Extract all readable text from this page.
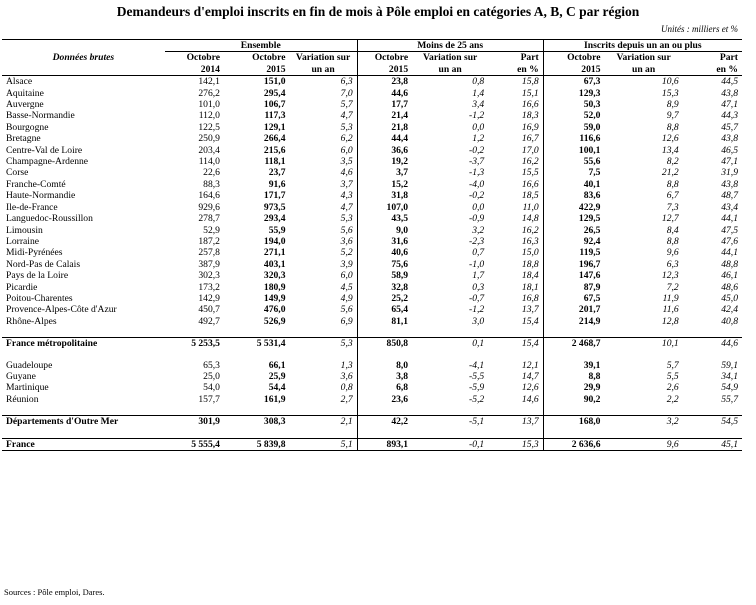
Demandeurs d'emploi inscrits en fin de mois à Pôle emploi en catégories A, B, C par région
Unités : milliers et %
	Ensemble			Moins de 25 ans			Inscrits depuis un an ou plus		
Données brutes	Octobre	Octobre	Variation sur	Octobre	Variation sur	Part	Octobre	Variation sur	Part
	2014	2015	un an	2015	un an	en %	2015	un an	en %
Alsace	142,1	151,0	6,3	23,8	0,8	15,8	67,3	10,6	44,5
Aquitaine	276,2	295,4	7,0	44,6	1,4	15,1	129,3	15,3	43,8
Auvergne	101,0	106,7	5,7	17,7	3,4	16,6	50,3	8,9	47,1
Basse-Normandie	112,0	117,3	4,7	21,4	-1,2	18,3	52,0	9,7	44,3
Bourgogne	122,5	129,1	5,3	21,8	0,0	16,9	59,0	8,8	45,7
Bretagne	250,9	266,4	6,2	44,4	1,2	16,7	116,6	12,6	43,8
Centre-Val de Loire	203,4	215,6	6,0	36,6	-0,2	17,0	100,1	13,4	46,5
Champagne-Ardenne	114,0	118,1	3,5	19,2	-3,7	16,2	55,6	8,2	47,1
Corse	22,6	23,7	4,6	3,7	-1,3	15,5	7,5	21,2	31,9
Franche-Comté	88,3	91,6	3,7	15,2	-4,0	16,6	40,1	8,8	43,8
Haute-Normandie	164,6	171,7	4,3	31,8	-0,2	18,5	83,6	6,7	48,7
Ile-de-France	929,6	973,5	4,7	107,0	0,0	11,0	422,9	7,3	43,4
Languedoc-Roussillon	278,7	293,4	5,3	43,5	-0,9	14,8	129,5	12,7	44,1
Limousin	52,9	55,9	5,6	9,0	3,2	16,2	26,5	8,4	47,5
Lorraine	187,2	194,0	3,6	31,6	-2,3	16,3	92,4	8,8	47,6
Midi-Pyrénées	257,8	271,1	5,2	40,6	0,7	15,0	119,5	9,6	44,1
Nord-Pas de Calais	387,9	403,1	3,9	75,6	-1,0	18,8	196,7	6,3	48,8
Pays de la Loire	302,3	320,3	6,0	58,9	1,7	18,4	147,6	12,3	46,1
Picardie	173,2	180,9	4,5	32,8	0,3	18,1	87,9	7,2	48,6
Poitou-Charentes	142,9	149,9	4,9	25,2	-0,7	16,8	67,5	11,9	45,0
Provence-Alpes-Côte d'Azur	450,7	476,0	5,6	65,4	-1,2	13,7	201,7	11,6	42,4
Rhône-Alpes	492,7	526,9	6,9	81,1	3,0	15,4	214,9	12,8	40,8

France métropolitaine	5 253,5	5 531,4	5,3	850,8	0,1	15,4	2 468,7	10,1	44,6

Guadeloupe	65,3	66,1	1,3	8,0	-4,1	12,1	39,1	5,7	59,1
Guyane	25,0	25,9	3,6	3,8	-5,5	14,7	8,8	5,5	34,1
Martinique	54,0	54,4	0,8	6,8	-5,9	12,6	29,9	2,6	54,9
Réunion	157,7	161,9	2,7	23,6	-5,2	14,6	90,2	2,2	55,7

Départements d'Outre Mer	301,9	308,3	2,1	42,2	-5,1	13,7	168,0	3,2	54,5

France	5 555,4	5 839,8	5,1	893,1	-0,1	15,3	2 636,6	9,6	45,1
Sources : Pôle emploi, Dares.
